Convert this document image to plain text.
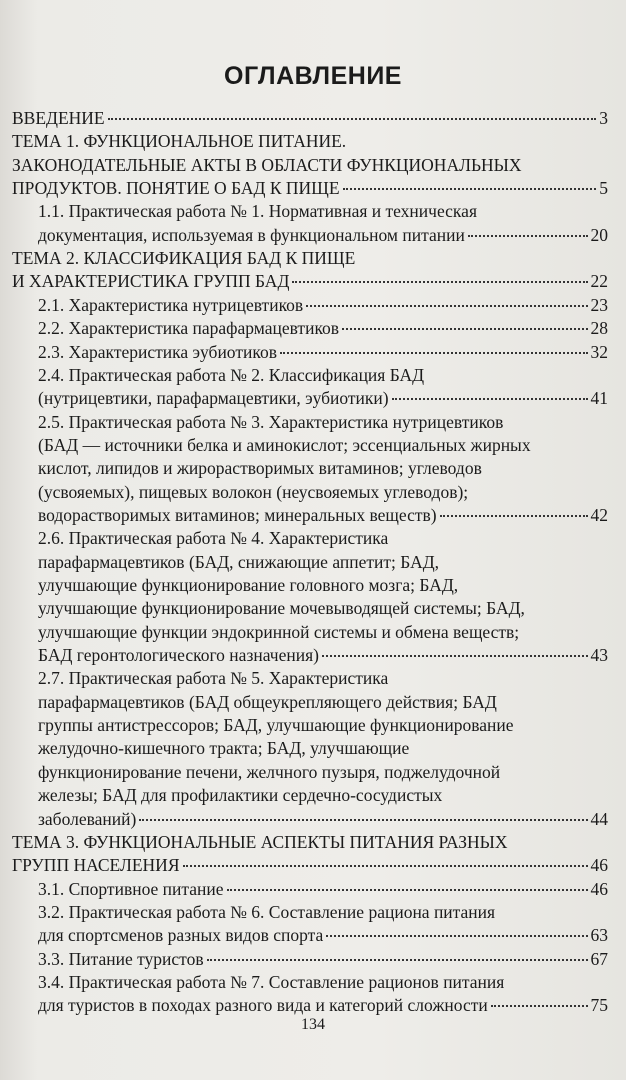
ОГЛАВЛЕНИЕ
ВВЕДЕНИЕ	3
ТЕМА 1. ФУНКЦИОНАЛЬНОЕ ПИТАНИЕ.
ЗАКОНОДАТЕЛЬНЫЕ АКТЫ В ОБЛАСТИ ФУНКЦИОНАЛЬНЫХ
ПРОДУКТОВ. ПОНЯТИЕ О БАД К ПИЩЕ	5
1.1. Практическая работа № 1. Нормативная и техническая
документация, используемая в функциональном питании	20
ТЕМА 2. КЛАССИФИКАЦИЯ БАД К ПИЩЕ
И ХАРАКТЕРИСТИКА ГРУПП БАД	22
2.1. Характеристика нутрицевтиков	23
2.2. Характеристика парафармацевтиков	28
2.3. Характеристика эубиотиков	32
2.4. Практическая работа № 2. Классификация БАД
(нутрицевтики, парафармацевтики, эубиотики)	41
2.5. Практическая работа № 3. Характеристика нутрицевтиков
(БАД — источники белка и аминокислот; эссенциальных жирных
кислот, липидов и жирорастворимых витаминов; углеводов
(усвояемых), пищевых волокон (неусвояемых углеводов);
водорастворимых витаминов; минеральных веществ)	42
2.6. Практическая работа № 4. Характеристика
парафармацевтиков (БАД, снижающие аппетит; БАД,
улучшающие функционирование головного мозга; БАД,
улучшающие функционирование мочевыводящей системы; БАД,
улучшающие функции эндокринной системы и обмена веществ;
БАД геронтологического назначения)	43
2.7. Практическая работа № 5. Характеристика
парафармацевтиков (БАД общеукрепляющего действия; БАД
группы антистрессоров; БАД, улучшающие функционирование
желудочно-кишечного тракта; БАД, улучшающие
функционирование печени, желчного пузыря, поджелудочной
железы; БАД для профилактики сердечно-сосудистых
заболеваний)	44
ТЕМА 3. ФУНКЦИОНАЛЬНЫЕ АСПЕКТЫ ПИТАНИЯ РАЗНЫХ
ГРУПП НАСЕЛЕНИЯ	46
3.1. Спортивное питание	46
3.2. Практическая работа № 6. Составление рациона питания
для спортсменов разных видов спорта	63
3.3. Питание туристов	67
3.4. Практическая работа № 7. Составление рационов питания
для туристов в походах разного вида и категорий сложности	75
134
